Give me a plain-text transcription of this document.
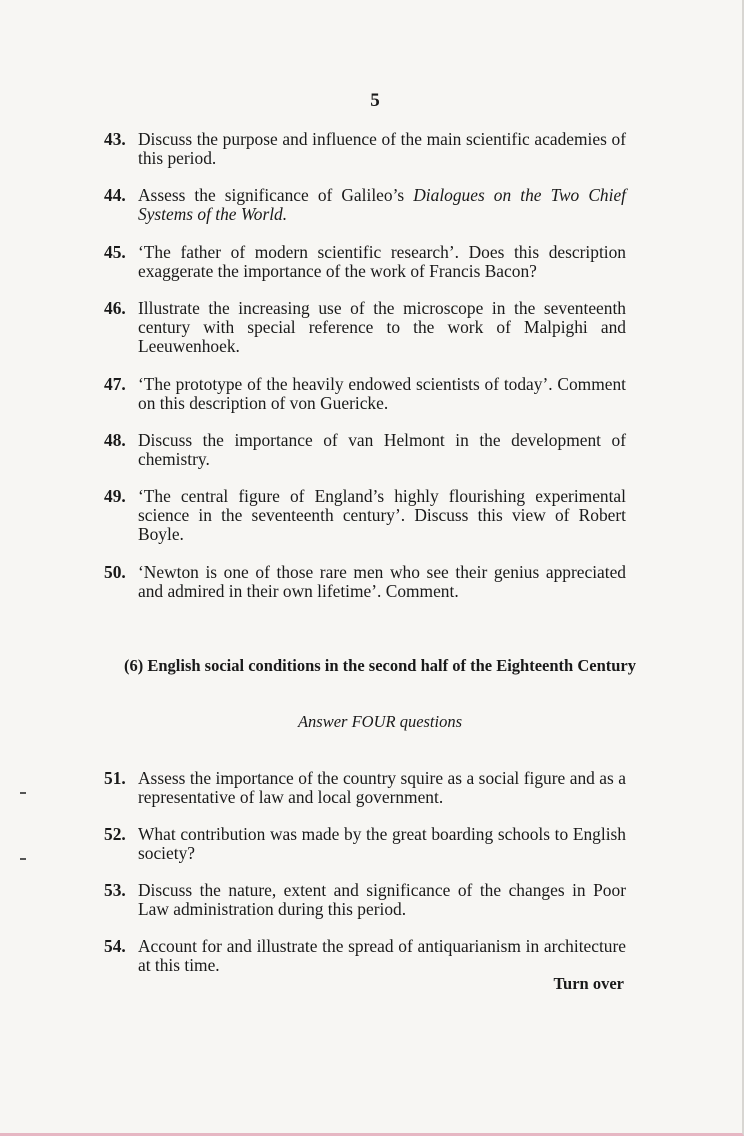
5
43. Discuss the purpose and influence of the main scientific academies of this period.
44. Assess the significance of Galileo’s Dialogues on the Two Chief Systems of the World.
45. ‘The father of modern scientific research’. Does this description exaggerate the importance of the work of Francis Bacon?
46. Illustrate the increasing use of the microscope in the seventeenth century with special reference to the work of Malpighi and Leeuwenhoek.
47. ‘The prototype of the heavily endowed scientists of today’. Comment on this description of von Guericke.
48. Discuss the importance of van Helmont in the development of chemistry.
49. ‘The central figure of England’s highly flourishing experimental science in the seventeenth century’. Discuss this view of Robert Boyle.
50. ‘Newton is one of those rare men who see their genius appreciated and admired in their own lifetime’. Comment.
51. Assess the importance of the country squire as a social figure and as a representative of law and local government.
52. What contribution was made by the great boarding schools to English society?
53. Discuss the nature, extent and significance of the changes in Poor Law administration during this period.
54. Account for and illustrate the spread of antiquarianism in architecture at this time.
(6) English social conditions in the second half of the Eighteenth Century
Answer FOUR questions
Turn over
